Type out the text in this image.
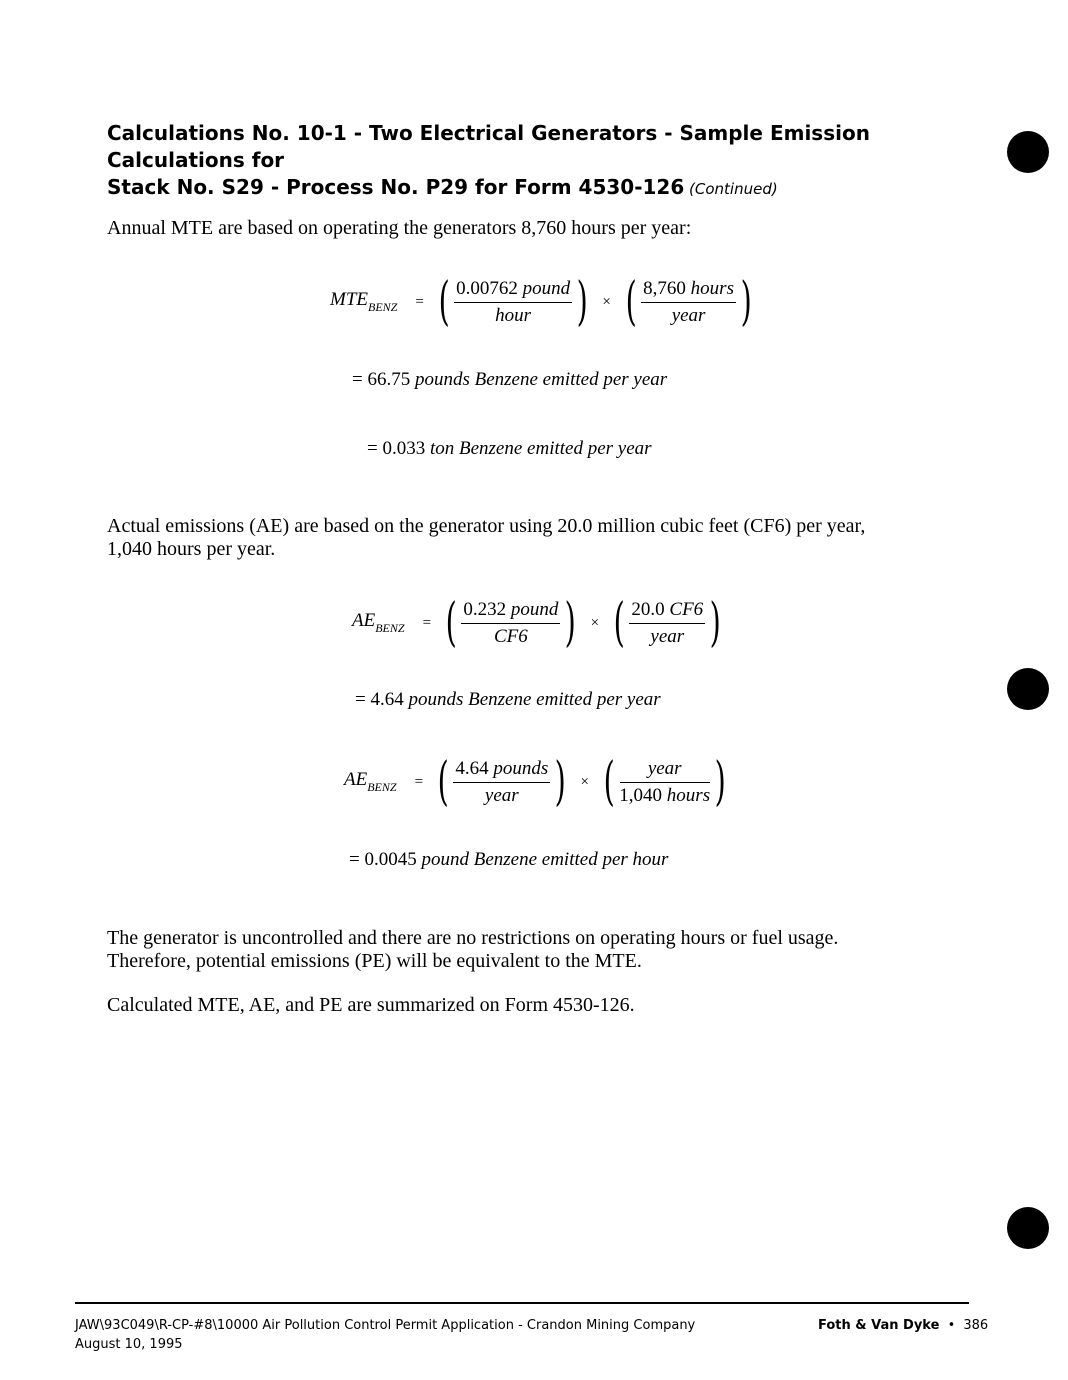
Calculations No. 10-1 - Two Electrical Generators - Sample Emission Calculations for
Stack No. S29 - Process No. P29 for Form 4530-126 (Continued)
Annual MTE are based on operating the generators 8,760 hours per year:
$MTE_{BENZ}$ = ( $\frac{\text{0.00762 pound}}{\text{hour}}$ ) × ( $\frac{\text{8,760 hours}}{\text{year}}$ )
= 66.75 pounds Benzene emitted per year
= 0.033 ton Benzene emitted per year
Actual emissions (AE) are based on the generator using 20.0 million cubic feet (CF6) per year,
1,040 hours per year.
$AE_{BENZ}$ = ( $\frac{\text{0.232 pound}}{CF6}$ ) × ( $\frac{20.0 CF6}{\text{year}}$ )
= 4.64 pounds Benzene emitted per year
$AE_{BENZ}$ = ( $\frac{\text{4.64 pounds}}{\text{year}}$ ) × ( $\frac{\text{year}}{\text{1,040 hours}}$ )
= 0.0045 pound Benzene emitted per hour
The generator is uncontrolled and there are no restrictions on operating hours or fuel usage.
Therefore, potential emissions (PE) will be equivalent to the MTE.
Calculated MTE, AE, and PE are summarized on Form 4530-126.
JAW\93C049\R-CP-#8\10000 Air Pollution Control Permit Application - Crandon Mining Company
August 10, 1995
Foth & Van Dyke • 386
